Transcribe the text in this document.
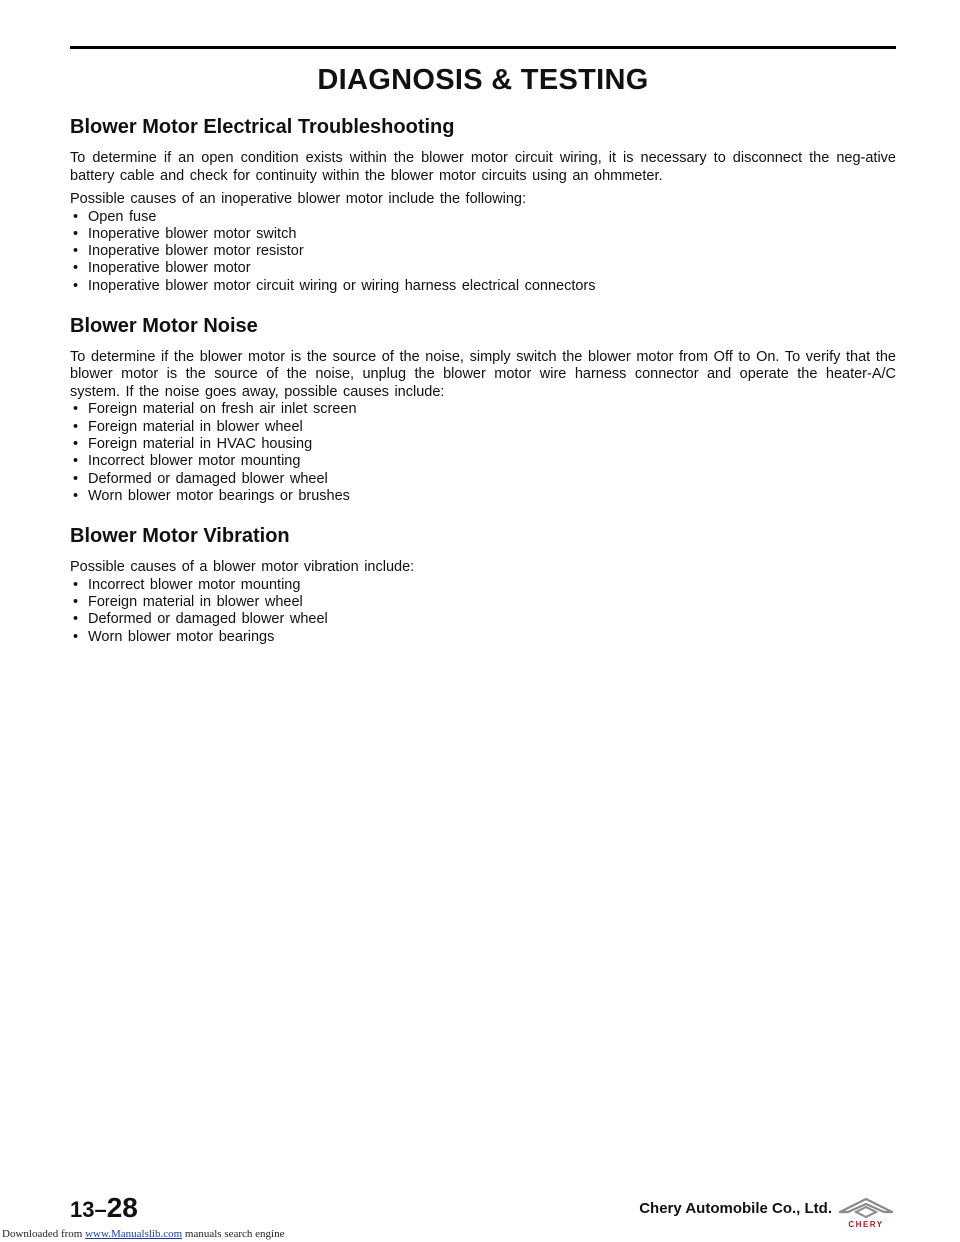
DIAGNOSIS & TESTING
Blower Motor Electrical Troubleshooting

To determine if an open condition exists within the blower motor circuit wiring, it is necessary to disconnect the neg-ative battery cable and check for continuity within the blower motor circuits using an ohmmeter.

Possible causes of an inoperative blower motor include the following:

• Open fuse
• Inoperative blower motor switch
• Inoperative blower motor resistor
• Inoperative blower motor
• Inoperative blower motor circuit wiring or wiring harness electrical connectors
Blower Motor Noise

To determine if the blower motor is the source of the noise, simply switch the blower motor from Off to On. To verify that the blower motor is the source of the noise, unplug the blower motor wire harness connector and operate the heater-A/C system. If the noise goes away, possible causes include:

• Foreign material on fresh air inlet screen
• Foreign material in blower wheel
• Foreign material in HVAC housing
• Incorrect blower motor mounting
• Deformed or damaged blower wheel
• Worn blower motor bearings or brushes
Blower Motor Vibration

Possible causes of a blower motor vibration include:

• Incorrect blower motor mounting
• Foreign material in blower wheel
• Deformed or damaged blower wheel
• Worn blower motor bearings
13–28	Chery Automobile Co., Ltd.
CHERY
Downloaded from www.Manualslib.com manuals search engine
